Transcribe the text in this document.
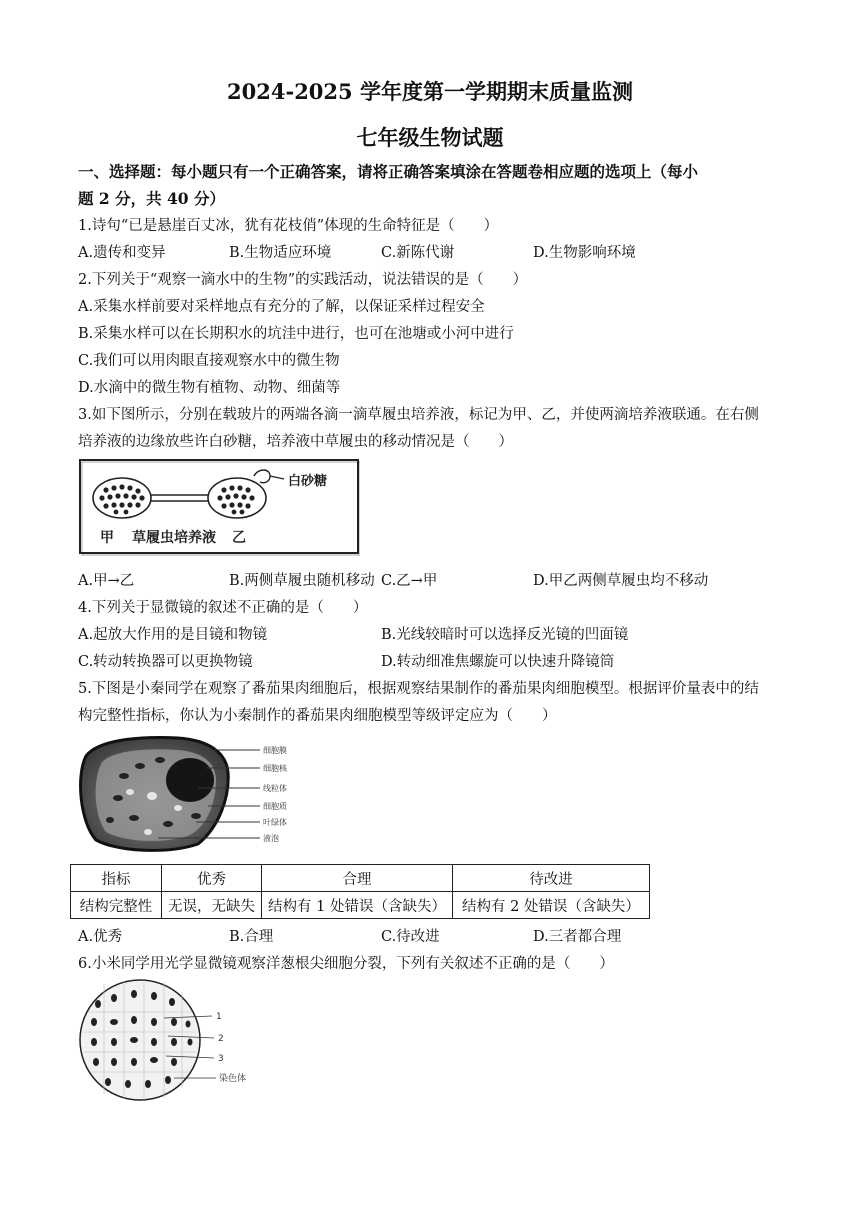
2024-2025 学年度第一学期期末质量监测
七年级生物试题
一、选择题：每小题只有一个正确答案，请将正确答案填涂在答题卷相应题的选项上（每小
题 2 分，共 40 分）
1.诗句“已是悬崖百丈冰，犹有花枝俏”体现的生命特征是（　　）
A.遗传和变异	B.生物适应环境	C.新陈代谢	D.生物影响环境
2.下列关于“观察一滴水中的生物”的实践活动，说法错误的是（　　）
A.采集水样前要对采样地点有充分的了解，以保证采样过程安全
B.采集水样可以在长期积水的坑洼中进行，也可在池塘或小河中进行
C.我们可以用肉眼直接观察水中的微生物
D.水滴中的微生物有植物、动物、细菌等
3.如下图所示，分别在载玻片的两端各滴一滴草履虫培养液，标记为甲、乙，并使两滴培养液联通。在右侧
培养液的边缘放些许白砂糖，培养液中草履虫的移动情况是（　　）
白砂糖
甲 草履虫培养液 乙
A.甲→乙	B.两侧草履虫随机移动 C.乙→甲	D.甲乙两侧草履虫均不移动
4.下列关于显微镜的叙述不正确的是（　　）
A.起放大作用的是目镜和物镜	B.光线较暗时可以选择反光镜的凹面镜
C.转动转换器可以更换物镜	D.转动细准焦螺旋可以快速升降镜筒
5.下图是小秦同学在观察了番茄果肉细胞后，根据观察结果制作的番茄果肉细胞模型。根据评价量表中的结
构完整性指标，你认为小秦制作的番茄果肉细胞模型等级评定应为（　　）
细胞膜
细胞核
线粒体
细胞质
叶绿体
液泡
指标	优秀	合理	待改进
结构完整性	无误，无缺失	结构有 1 处错误（含缺失）	结构有 2 处错误（含缺失）
A.优秀	B.合理	C.待改进	D.三者都合理
6.小米同学用光学显微镜观察洋葱根尖细胞分裂，下列有关叙述不正确的是（　　）
1
2
3
染色体
